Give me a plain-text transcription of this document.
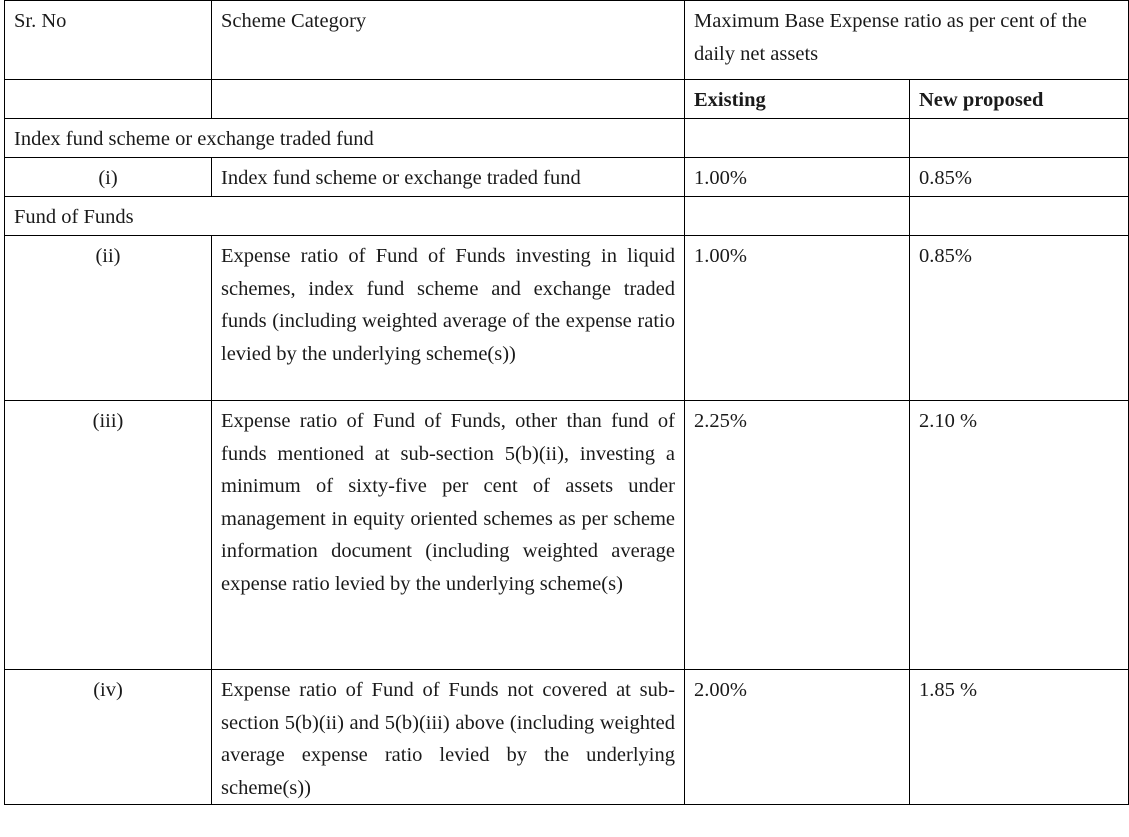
Sr. No	Scheme Category	Maximum Base Expense ratio as per cent of the daily net assets	
		Existing	New proposed
Index fund scheme or exchange traded fund			
(i)	Index fund scheme or exchange traded fund	1.00%	0.85%
Fund of Funds			
(ii)	Expense ratio of Fund of Funds investing in liquid schemes, index fund scheme and exchange traded funds (including weighted average of the expense ratio levied by the underlying scheme(s))	1.00%	0.85%
(iii)	Expense ratio of Fund of Funds, other than fund of funds mentioned at sub-section 5(b)(ii), investing a minimum of sixty-five per cent of assets under management in equity oriented schemes as per scheme information document (including weighted average expense ratio levied by the underlying scheme(s)	2.25%	2.10 %
(iv)	Expense ratio of Fund of Funds not covered at sub-section 5(b)(ii) and 5(b)(iii) above (including weighted average expense ratio levied by the underlying scheme(s))	2.00%	1.85 %
